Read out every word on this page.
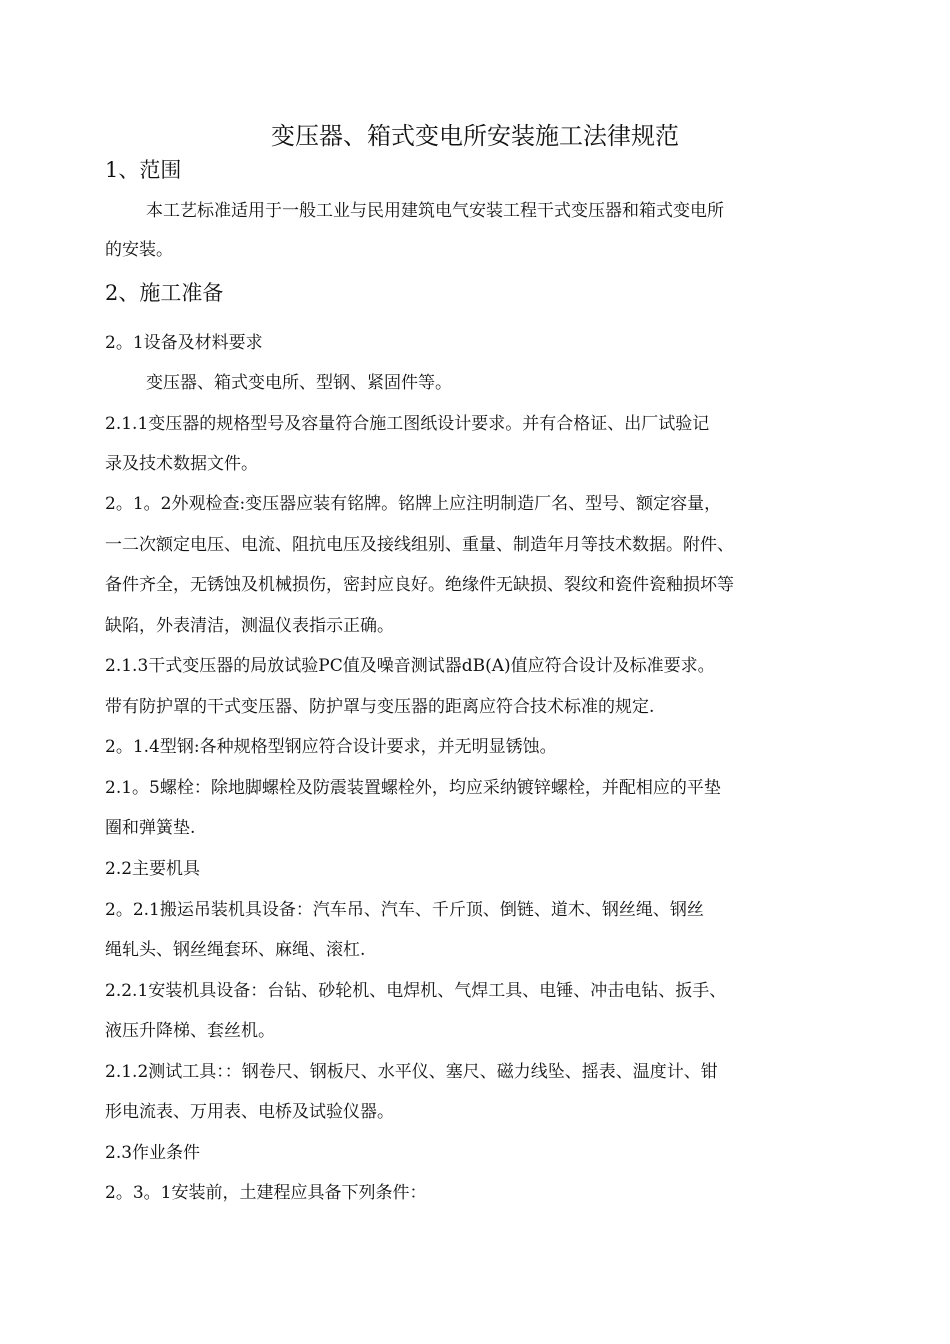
变压器、箱式变电所安装施工法律规范
1、范围
本工艺标准适用于一般工业与民用建筑电气安装工程干式变压器和箱式变电所
的安装。
2、施工准备
2。1设备及材料要求
变压器、箱式变电所、型钢、紧固件等。
2.1.1变压器的规格型号及容量符合施工图纸设计要求。并有合格证、出厂试验记
录及技术数据文件。
2。1。2外观检查:变压器应装有铭牌。铭牌上应注明制造厂名、型号、额定容量，
一二次额定电压、电流、阻抗电压及接线组别、重量、制造年月等技术数据。附件、
备件齐全，无锈蚀及机械损伤，密封应良好。绝缘件无缺损、裂纹和瓷件瓷釉损坏等
缺陷，外表清洁，测温仪表指示正确。
2.1.3干式变压器的局放试验PC值及噪音测试器dB(A)值应符合设计及标准要求。
带有防护罩的干式变压器、防护罩与变压器的距离应符合技术标准的规定.
2。1.4型钢:各种规格型钢应符合设计要求，并无明显锈蚀。
2.1。5螺栓：除地脚螺栓及防震装置螺栓外，均应采纳镀锌螺栓，并配相应的平垫
圈和弹簧垫.
2.2主要机具
2。2.1搬运吊装机具设备：汽车吊、汽车、千斤顶、倒链、道木、钢丝绳、钢丝
绳轧头、钢丝绳套环、麻绳、滚杠.
2.2.1安装机具设备：台钻、砂轮机、电焊机、气焊工具、电锤、冲击电钻、扳手、
液压升降梯、套丝机。
2.1.2测试工具：：钢卷尺、钢板尺、水平仪、塞尺、磁力线坠、摇表、温度计、钳
形电流表、万用表、电桥及试验仪器。
2.3作业条件
2。3。1安装前，土建程应具备下列条件：
